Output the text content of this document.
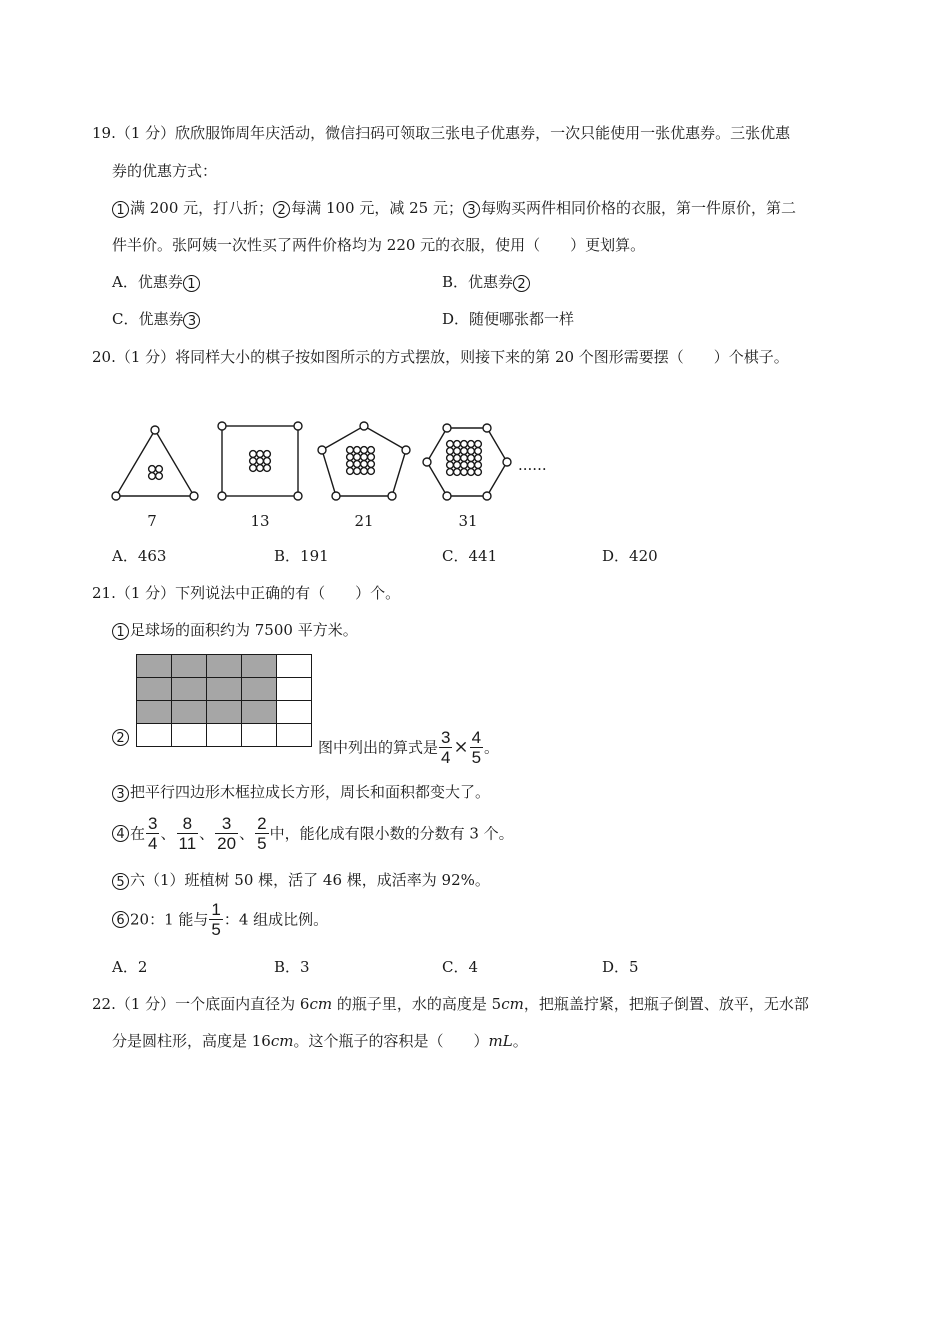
19.（1 分）欣欣服饰周年庆活动，微信扫码可领取三张电子优惠券，一次只能使用一张优惠券。三张优惠
券的优惠方式：
1 满 200 元，打八折； 2 每满 100 元，减 25 元； 3 每购买两件相同价格的衣服，第一件原价，第二
件半价。张阿姨一次性买了两件价格均为 220 元的衣服，使用（　　）更划算。
A．优惠券 1	B．优惠券 2
C．优惠券 3	D．随便哪张都一样
20.（1 分）将同样大小的棋子按如图所示的方式摆放，则接下来的第 20 个图形需要摆（　　）个棋子。
......
7	13	21	31
A．463	B．191	C．441	D．420
21.（1 分）下列说法中正确的有（　　）个。
1 足球场的面积约为 7500 平方米。

2
图中列出的算式是 $\frac{3}{4} \times \frac{4}{5}$ 。
3 把平行四边形木框拉成长方形，周长和面积都变大了。
4 在 $\frac{3}{4}$ 、 $\frac{8}{11}$ 、 $\frac{3}{20}$ 、 $\frac{2}{5}$ 中，能化成有限小数的分数有 3 个。
5 六（1）班植树 50 棵，活了 46 棵，成活率为 92%。
6 20：1 能与 $\frac{1}{5}$ ：4 组成比例。
A．2	B．3	C．4	D．5
22.（1 分）一个底面内直径为 6cm 的瓶子里，水的高度是 5cm，把瓶盖拧紧，把瓶子倒置、放平，无水部
分是圆柱形，高度是 16cm。这个瓶子的容积是（　　）mL。
